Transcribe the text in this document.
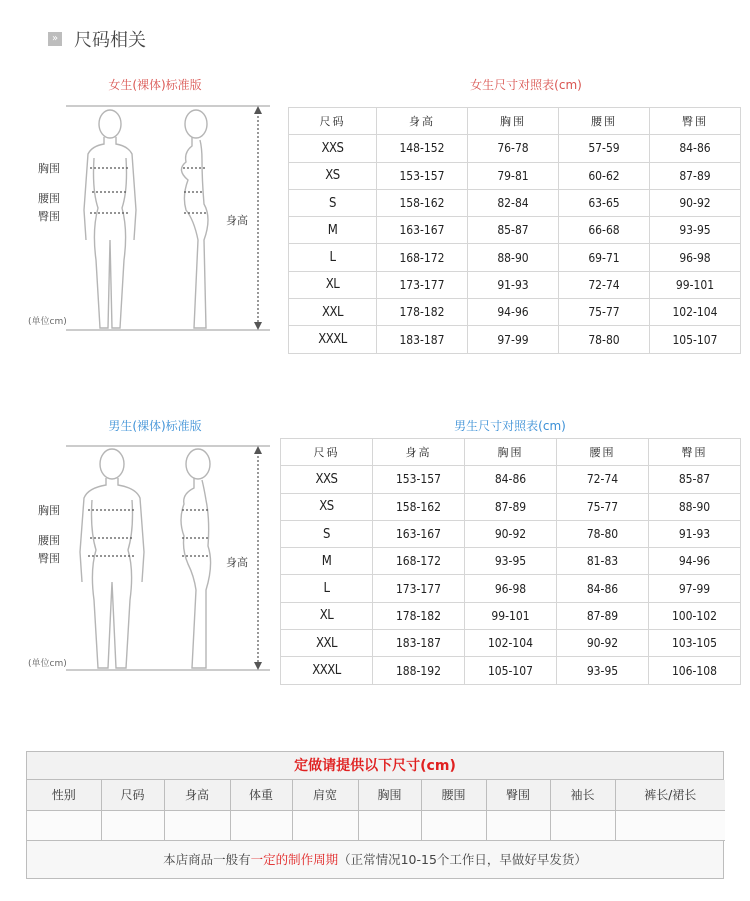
» 尺码相关
女生(裸体)标准版	女生尺寸对照表(cm)
胸围
腰围
臀围	身高
(单位cm)
尺码	身高	胸围	腰围	臀围
XXS	148-152	76-78	57-59	84-86
XS	153-157	79-81	60-62	87-89
S	158-162	82-84	63-65	90-92
M	163-167	85-87	66-68	93-95
L	168-172	88-90	69-71	96-98
XL	173-177	91-93	72-74	99-101
XXL	178-182	94-96	75-77	102-104
XXXL	183-187	97-99	78-80	105-107
男生(裸体)标准版	男生尺寸对照表(cm)
胸围
腰围
臀围	身高
(单位cm)
尺码	身高	胸围	腰围	臀围
XXS	153-157	84-86	72-74	85-87
XS	158-162	87-89	75-77	88-90
S	163-167	90-92	78-80	91-93
M	168-172	93-95	81-83	94-96
L	173-177	96-98	84-86	97-99
XL	178-182	99-101	87-89	100-102
XXL	183-187	102-104	90-92	103-105
XXXL	188-192	105-107	93-95	106-108
定做请提供以下尺寸(cm)
性别	尺码	身高	体重	肩宽	胸围	腰围	臀围	袖长	裤长/裙长

本店商品一般有一定的制作周期（正常情况10-15个工作日，早做好早发货）
